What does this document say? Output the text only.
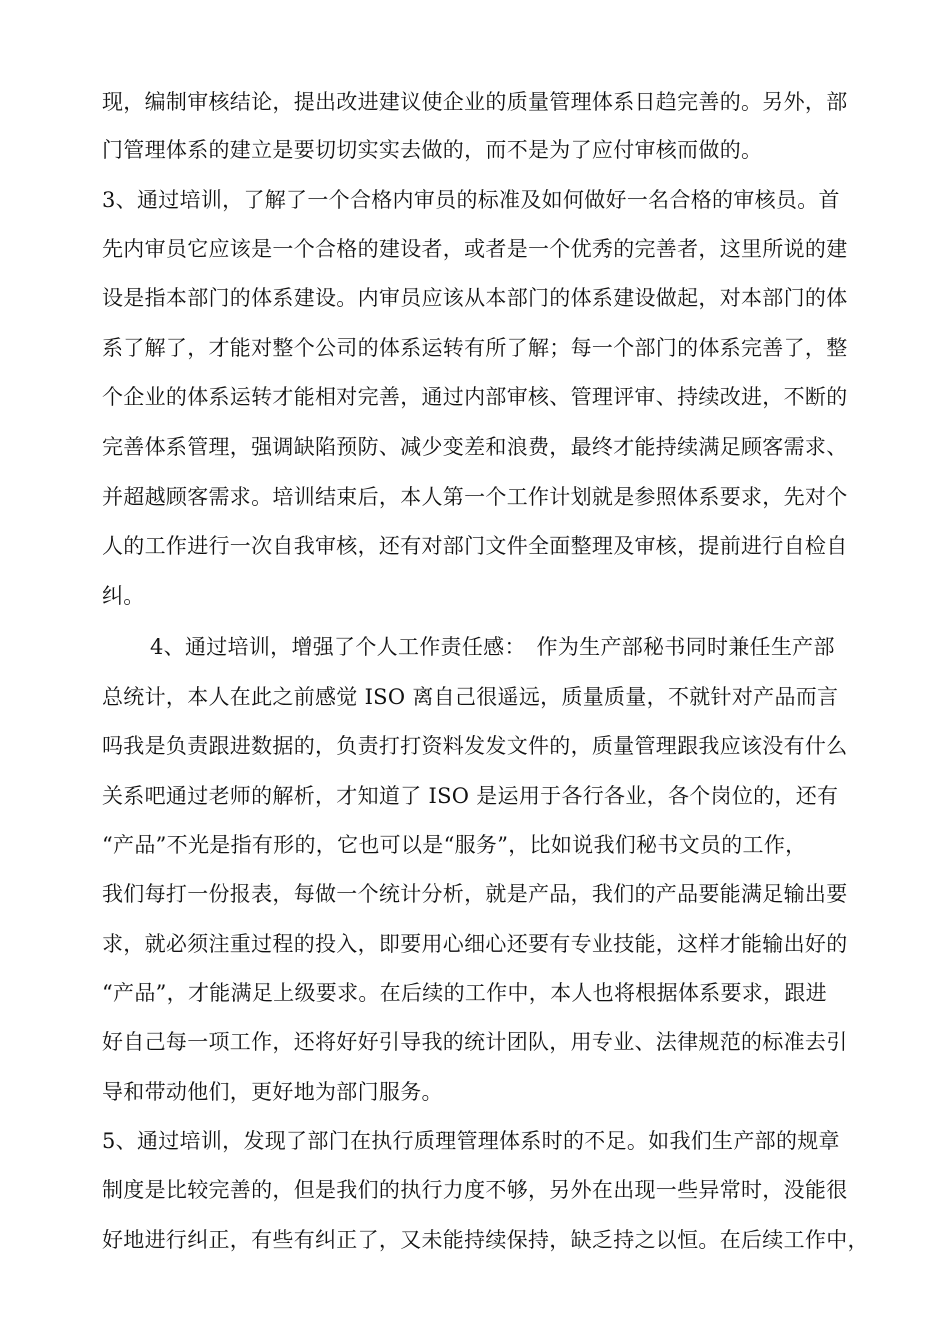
现，编制审核结论，提出改进建议使企业的质量管理体系日趋完善的。另外，部
门管理体系的建立是要切切实实去做的，而不是为了应付审核而做的。
3、通过培训，了解了一个合格内审员的标准及如何做好一名合格的审核员。首
先内审员它应该是一个合格的建设者，或者是一个优秀的完善者，这里所说的建
设是指本部门的体系建设。内审员应该从本部门的体系建设做起，对本部门的体
系了解了，才能对整个公司的体系运转有所了解；每一个部门的体系完善了，整
个企业的体系运转才能相对完善，通过内部审核、管理评审、持续改进，不断的
完善体系管理，强调缺陷预防、减少变差和浪费，最终才能持续满足顾客需求、
并超越顾客需求。培训结束后，本人第一个工作计划就是参照体系要求，先对个
人的工作进行一次自我审核，还有对部门文件全面整理及审核，提前进行自检自
纠。
4、通过培训，增强了个人工作责任感：　作为生产部秘书同时兼任生产部
总统计，本人在此之前感觉 ISO 离自己很遥远，质量质量，不就针对产品而言
吗我是负责跟进数据的，负责打打资料发发文件的，质量管理跟我应该没有什么
关系吧通过老师的解析，才知道了 ISO 是运用于各行各业，各个岗位的，还有
“产品”不光是指有形的，它也可以是“服务”，比如说我们秘书文员的工作，
我们每打一份报表，每做一个统计分析，就是产品，我们的产品要能满足输出要
求，就必须注重过程的投入，即要用心细心还要有专业技能，这样才能输出好的
“产品”，才能满足上级要求。在后续的工作中，本人也将根据体系要求，跟进
好自己每一项工作，还将好好引导我的统计团队，用专业、法律规范的标准去引
导和带动他们，更好地为部门服务。
5、通过培训，发现了部门在执行质理管理体系时的不足。如我们生产部的规章
制度是比较完善的，但是我们的执行力度不够，另外在出现一些异常时，没能很
好地进行纠正，有些有纠正了，又未能持续保持，缺乏持之以恒。在后续工作中，
